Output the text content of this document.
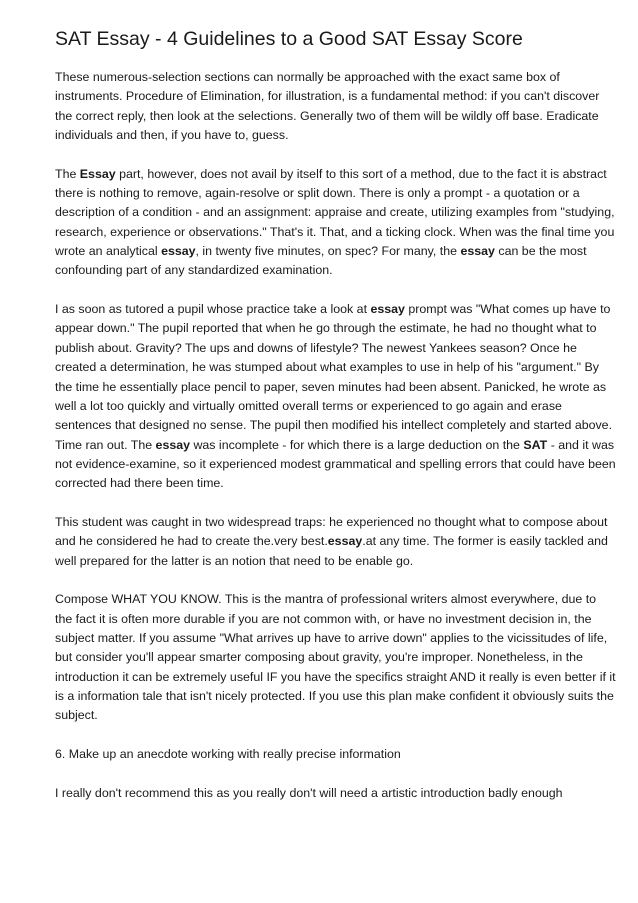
SAT Essay - 4 Guidelines to a Good SAT Essay Score

These numerous-selection sections can normally be approached with the exact same box of instruments. Procedure of Elimination, for illustration, is a fundamental method: if you can't discover the correct reply, then look at the selections. Generally two of them will be wildly off base. Eradicate individuals and then, if you have to, guess.

The Essay part, however, does not avail by itself to this sort of a method, due to the fact it is abstract there is nothing to remove, again-resolve or split down. There is only a prompt - a quotation or a description of a condition - and an assignment: appraise and create, utilizing examples from "studying, research, experience or observations." That's it. That, and a ticking clock. When was the final time you wrote an analytical essay, in twenty five minutes, on spec? For many, the essay can be the most confounding part of any standardized examination.

I as soon as tutored a pupil whose practice take a look at essay prompt was "What comes up have to appear down." The pupil reported that when he go through the estimate, he had no thought what to publish about. Gravity? The ups and downs of lifestyle? The newest Yankees season? Once he created a determination, he was stumped about what examples to use in help of his "argument." By the time he essentially place pencil to paper, seven minutes had been absent. Panicked, he wrote as well a lot too quickly and virtually omitted overall terms or experienced to go again and erase sentences that designed no sense. The pupil then modified his intellect completely and started above. Time ran out. The essay was incomplete - for which there is a large deduction on the SAT - and it was not evidence-examine, so it experienced modest grammatical and spelling errors that could have been corrected had there been time.

This student was caught in two widespread traps: he experienced no thought what to compose about and he considered he had to create the.very best.essay.at any time. The former is easily tackled and well prepared for the latter is an notion that need to be enable go.

Compose WHAT YOU KNOW. This is the mantra of professional writers almost everywhere, due to the fact it is often more durable if you are not common with, or have no investment decision in, the subject matter. If you assume "What arrives up have to arrive down" applies to the vicissitudes of life, but consider you'll appear smarter composing about gravity, you're improper. Nonetheless, in the introduction it can be extremely useful IF you have the specifics straight AND it really is even better if it is a information tale that isn't nicely protected. If you use this plan make confident it obviously suits the subject.

6. Make up an anecdote working with really precise information

I really don't recommend this as you really don't will need a artistic introduction badly enough
